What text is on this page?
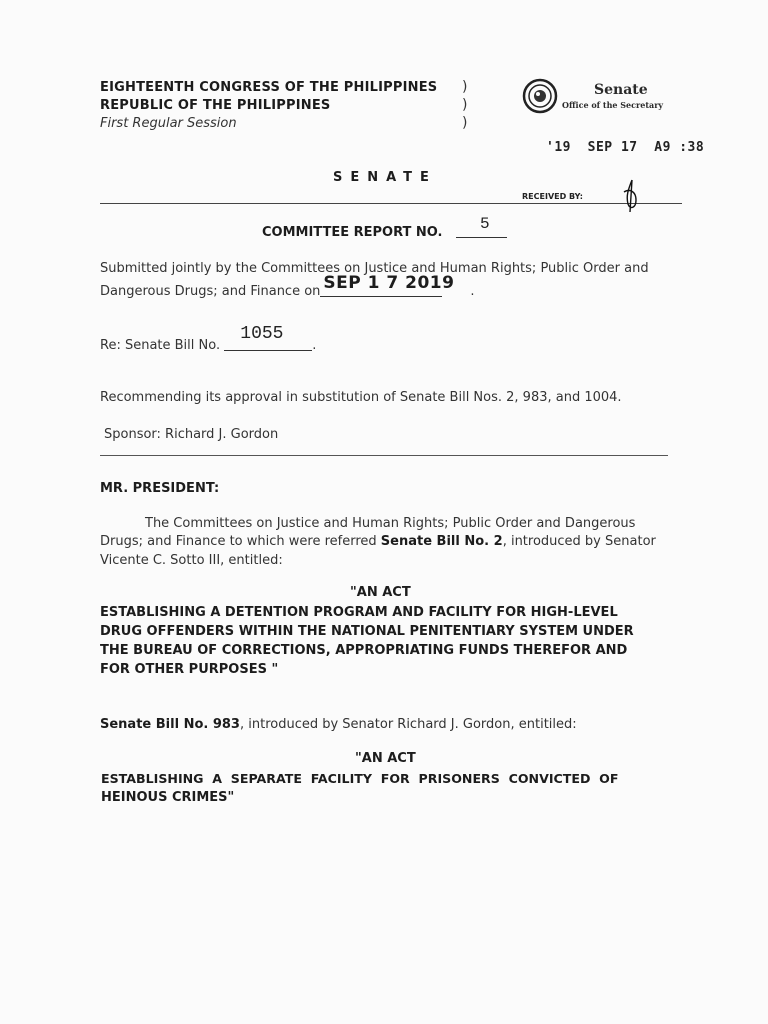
EIGHTEENTH CONGRESS OF THE PHILIPPINES
REPUBLIC OF THE PHILIPPINES
First Regular Session
)
)
)
Senate
Office of the Secretary
'19  SEP 17  A9 :38
SENATE
RECEIVED BY:
COMMITTEE REPORT NO. 5
Submitted jointly by the Committees on Justice and Human Rights; Public Order and
Dangerous Drugs; and Finance on SEP 1 7 2019 .
Re: Senate Bill No.
1055
.
Recommending its approval in substitution of Senate Bill Nos. 2, 983, and 1004.
Sponsor: Richard J. Gordon
MR. PRESIDENT:
The Committees on Justice and Human Rights; Public Order and Dangerous
Drugs; and Finance to which were referred Senate Bill No. 2, introduced by Senator
Vicente C. Sotto III, entitled:
"AN ACT
ESTABLISHING A DETENTION PROGRAM AND FACILITY FOR HIGH-LEVEL
DRUG OFFENDERS WITHIN THE NATIONAL PENITENTIARY SYSTEM UNDER
THE BUREAU OF CORRECTIONS, APPROPRIATING FUNDS THEREFOR AND
FOR OTHER PURPOSES "
Senate Bill No. 983, introduced by Senator Richard J. Gordon, entitiled:
"AN ACT
ESTABLISHING  A  SEPARATE  FACILITY  FOR  PRISONERS  CONVICTED  OF
HEINOUS CRIMES"
